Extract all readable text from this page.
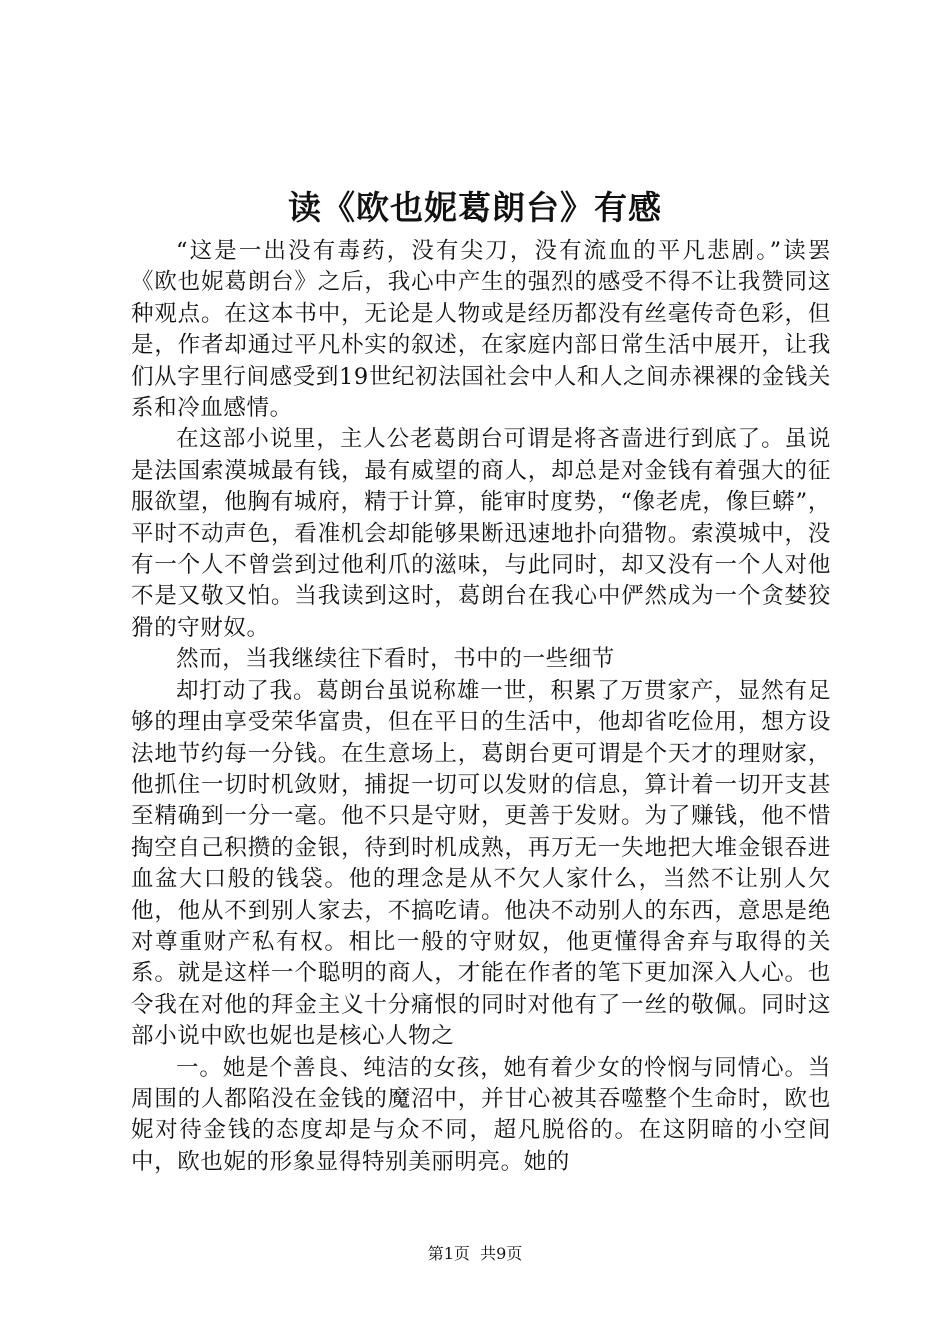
读《欧也妮葛朗台》有感

“这是一出没有毒药，没有尖刀，没有流血的平凡悲剧。”读罢《欧也妮葛朗台》之后，我心中产生的强烈的感受不得不让我赞同这种观点。在这本书中，无论是人物或是经历都没有丝毫传奇色彩，但是，作者却通过平凡朴实的叙述，在家庭内部日常生活中展开，让我们从字里行间感受到19世纪初法国社会中人和人之间赤裸裸的金钱关系和冷血感情。

在这部小说里，主人公老葛朗台可谓是将吝啬进行到底了。虽说是法国索漠城最有钱，最有威望的商人，却总是对金钱有着强大的征服欲望，他胸有城府，精于计算，能审时度势，“像老虎，像巨蟒”，平时不动声色，看准机会却能够果断迅速地扑向猎物。索漠城中，没有一个人不曾尝到过他利爪的滋味，与此同时，却又没有一个人对他不是又敬又怕。当我读到这时，葛朗台在我心中俨然成为一个贪婪狡猾的守财奴。

然而，当我继续往下看时，书中的一些细节

却打动了我。葛朗台虽说称雄一世，积累了万贯家产，显然有足够的理由享受荣华富贵，但在平日的生活中，他却省吃俭用，想方设法地节约每一分钱。在生意场上，葛朗台更可谓是个天才的理财家，他抓住一切时机敛财，捕捉一切可以发财的信息，算计着一切开支甚至精确到一分一毫。他不只是守财，更善于发财。为了赚钱，他不惜掏空自己积攒的金银，待到时机成熟，再万无一失地把大堆金银吞进血盆大口般的钱袋。他的理念是从不欠人家什么，当然不让别人欠他，他从不到别人家去，不搞吃请。他决不动别人的东西，意思是绝对尊重财产私有权。相比一般的守财奴，他更懂得舍弃与取得的关系。就是这样一个聪明的商人，才能在作者的笔下更加深入人心。也令我在对他的拜金主义十分痛恨的同时对他有了一丝的敬佩。同时这部小说中欧也妮也是核心人物之

一。她是个善良、纯洁的女孩，她有着少女的怜悯与同情心。当周围的人都陷没在金钱的魔沼中，并甘心被其吞噬整个生命时，欧也妮对待金钱的态度却是与众不同，超凡脱俗的。在这阴暗的小空间中，欧也妮的形象显得特别美丽明亮。她的

第1页 共9页
